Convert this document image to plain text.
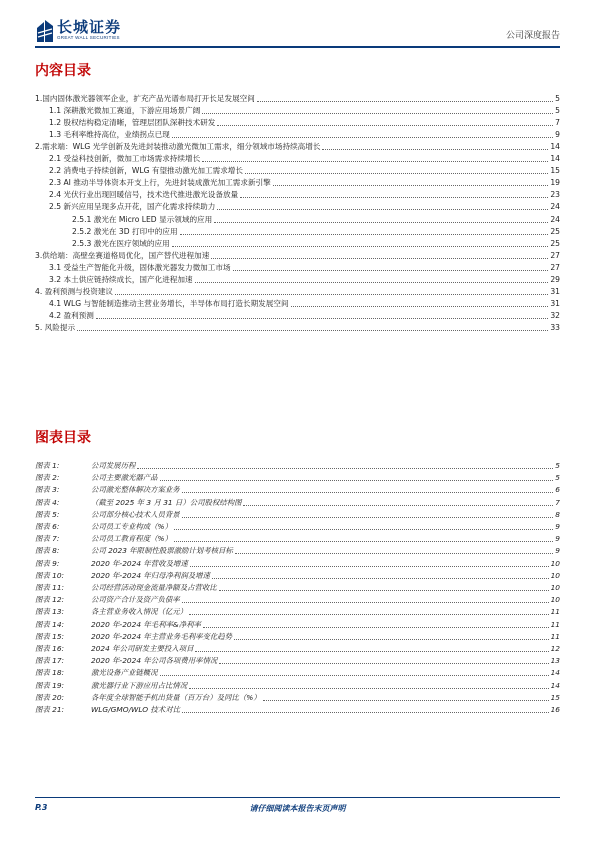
长城证券
GREAT WALL SECURITIES	公司深度报告
内容目录
图表目录
P.3	请仔细阅读本报告末页声明
1.国内固体激光器领军企业，扩充产品光谱布局打开长足发展空间	5
1.1 深耕激光微加工赛道，下游应用场景广阔	5
1.2 股权结构稳定清晰，管理层团队深耕技术研发	7
1.3 毛利率维持高位，业绩拐点已现	9
2.需求端：WLG 光学创新及先进封装推动激光微加工需求，细分领域市场持续高增长	14
2.1 受益科技创新，微加工市场需求持续增长	14
2.2 消费电子持续创新，WLG 有望推动激光加工需求增长	15
2.3 AI 推动半导体资本开支上行，先进封装成激光加工需求新引擎	19
2.4 光伏行业出现回暖信号，技术迭代推进激光设备放量	23
2.5 新兴应用呈现多点开花，国产化需求持续助力	24
2.5.1 激光在 Micro LED 显示领域的应用	24
2.5.2 激光在 3D 打印中的应用	25
2.5.3 激光在医疗领域的应用	25
3.供给端：高壁垒赛道格局优化，国产替代进程加速	27
3.1 受益生产智能化升级，固体激光器发力微加工市场	27
3.2 本土供应链持续成长，国产化进程加速	29
4. 盈利预测与投资建议	31
4.1 WLG 与智能制造推动主营业务增长，半导体布局打造长期发展空间	31
4.2 盈利预测	32
5. 风险提示	33
图表 1:	公司发展历程	5
图表 2:	公司主要激光器产品	5
图表 3:	公司激光整体解决方案业务	6
图表 4:	（截至 2025 年 3 月 31 日）公司股权结构图	7
图表 5:	公司部分核心技术人员背景	8
图表 6:	公司员工专业构成（%）	9
图表 7:	公司员工教育程度（%）	9
图表 8:	公司 2023 年限制性股票激励计划考核目标	9
图表 9:	2020 年-2024 年营收及增速	10
图表 10:	2020 年-2024 年归母净利润及增速	10
图表 11:	公司经营活动现金流量净额及占营收比	10
图表 12:	公司资产合计及资产负债率	10
图表 13:	各主营业务收入情况（亿元）	11
图表 14:	2020 年-2024 年毛利率&净利率	11
图表 15:	2020 年-2024 年主营业务毛利率变化趋势	11
图表 16:	2024 年公司研发主要投入项目	12
图表 17:	2020 年-2024 年公司各项费用率情况	13
图表 18:	激光设备产业链概况	14
图表 19:	激光器行业下游应用占比情况	14
图表 20:	各年度全球智能手机出货量（百万台）及同比（%）	15
图表 21:	WLG/GMO/WLO 技术对比	16
